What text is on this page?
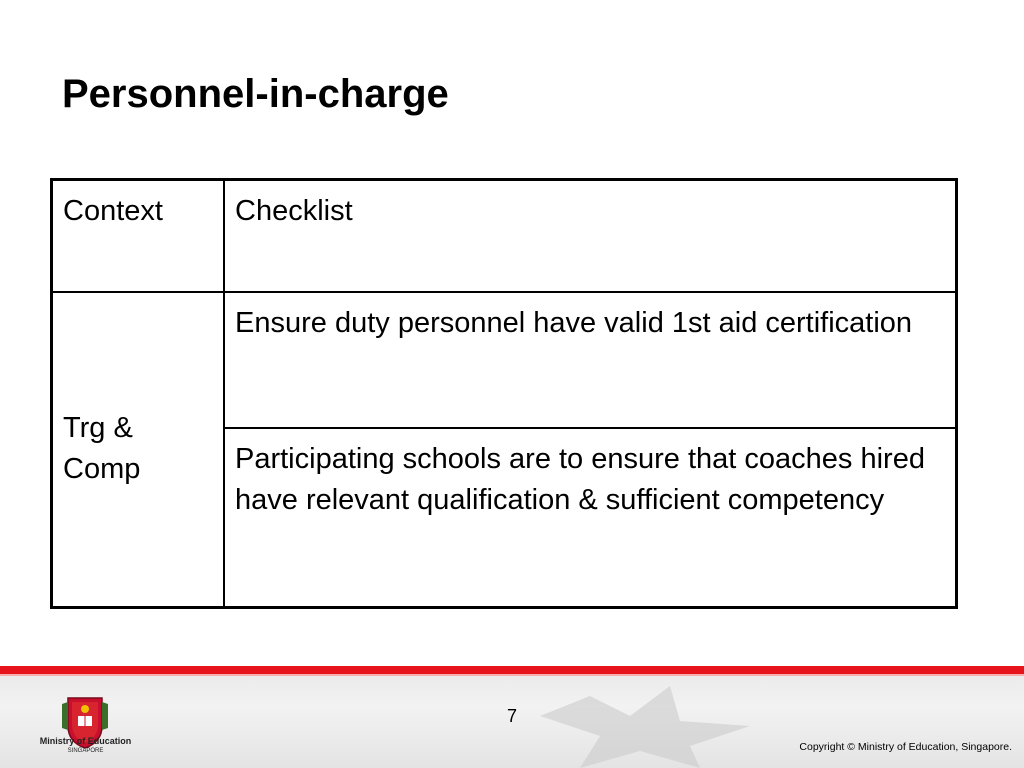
Personnel-in-charge
Context	Checklist
Trg & Comp	Ensure duty personnel have valid 1st aid certification
	Participating schools are to ensure that coaches hired have relevant qualification & sufficient competency
Ministry of Education
SINGAPORE
7
Copyright © Ministry of Education, Singapore.
